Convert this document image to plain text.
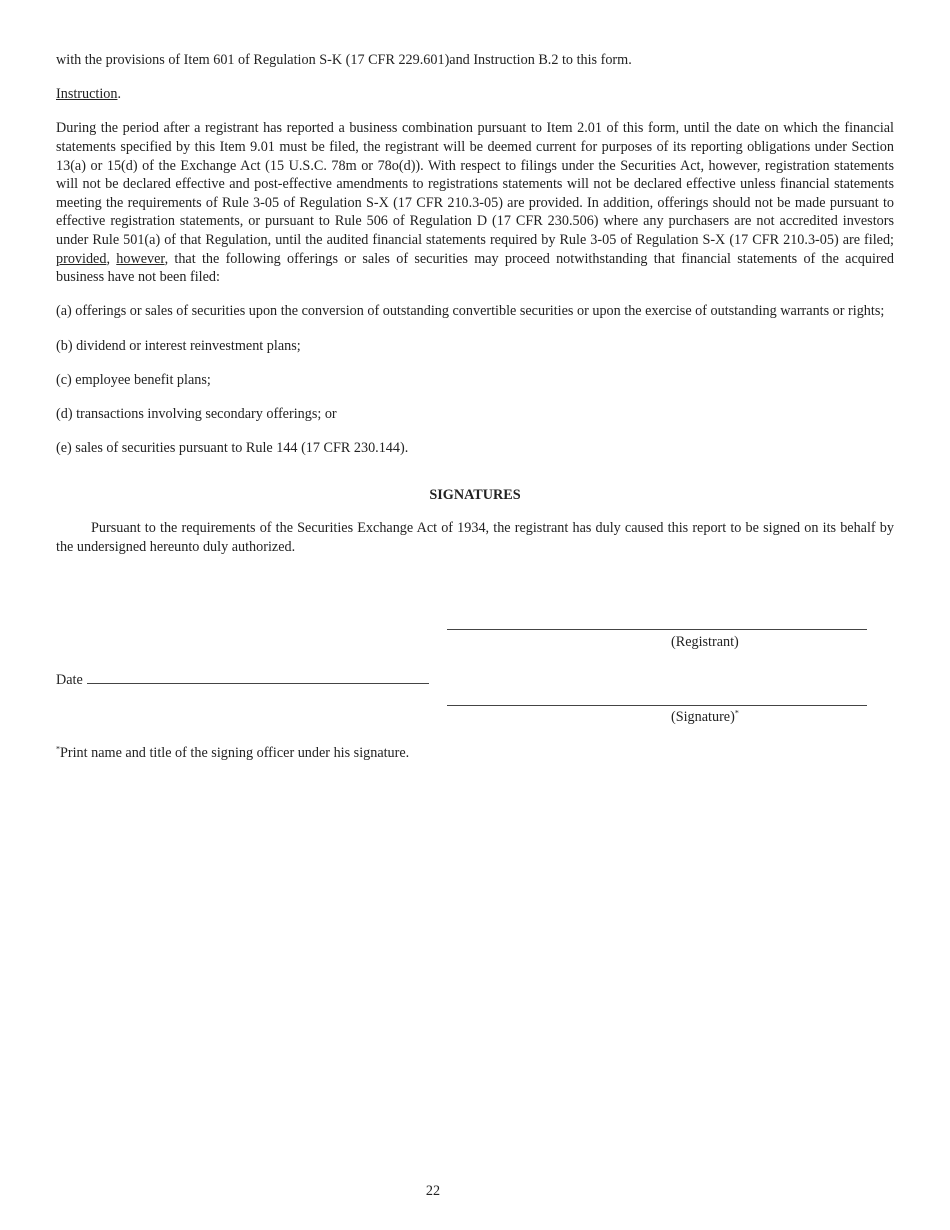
with the provisions of Item 601 of Regulation S-K (17 CFR 229.601)and Instruction B.2 to this form.

Instruction.

During the period after a registrant has reported a business combination pursuant to Item 2.01 of this form, until the date on which the financial statements specified by this Item 9.01 must be filed, the registrant will be deemed current for purposes of its reporting obligations under Section 13(a) or 15(d) of the Exchange Act (15 U.S.C. 78m or 78o(d)). With respect to filings under the Securities Act, however, registration statements will not be declared effective and post-effective amendments to registrations statements will not be declared effective unless financial statements meeting the requirements of Rule 3-05 of Regulation S-X (17 CFR 210.3-05) are provided. In addition, offerings should not be made pursuant to effective registration statements, or pursuant to Rule 506 of Regulation D (17 CFR 230.506) where any purchasers are not accredited investors under Rule 501(a) of that Regulation, until the audited financial statements required by Rule 3-05 of Regulation S-X (17 CFR 210.3-05) are filed; provided, however, that the following offerings or sales of securities may proceed notwithstanding that financial statements of the acquired business have not been filed:

(a) offerings or sales of securities upon the conversion of outstanding convertible securities or upon the exercise of outstanding warrants or rights;

(b) dividend or interest reinvestment plans;

(c) employee benefit plans;

(d) transactions involving secondary offerings; or

(e) sales of securities pursuant to Rule 144 (17 CFR 230.144).

SIGNATURES

Pursuant to the requirements of the Securities Exchange Act of 1934, the registrant has duly caused this report to be signed on its behalf by the undersigned hereunto duly authorized.

(Registrant)
Date
(Signature)*
*Print name and title of the signing officer under his signature.
22
